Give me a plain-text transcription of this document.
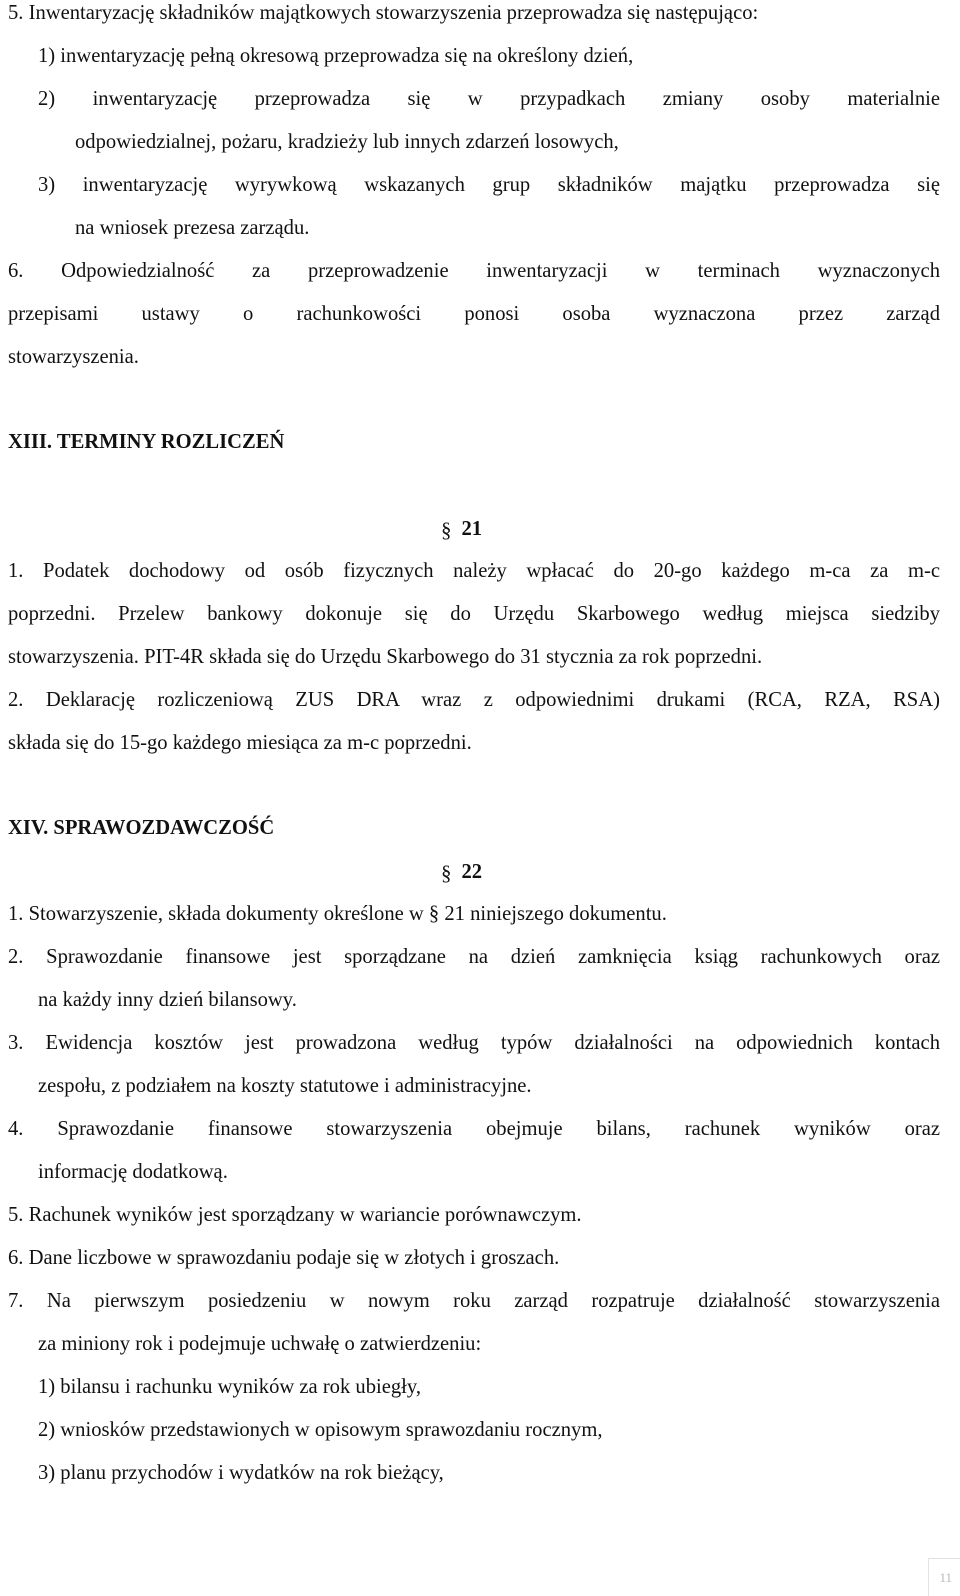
5. Inwentaryzację składników majątkowych stowarzyszenia przeprowadza się następująco:
1) inwentaryzację pełną okresową przeprowadza się na określony dzień,
2) inwentaryzację przeprowadza się w przypadkach zmiany osoby materialnie
odpowiedzialnej, pożaru, kradzieży lub innych zdarzeń losowych,
3) inwentaryzację wyrywkową wskazanych grup składników majątku przeprowadza się
na wniosek prezesa zarządu.
6. Odpowiedzialność za przeprowadzenie inwentaryzacji w terminach wyznaczonych
przepisami ustawy o rachunkowości ponosi osoba wyznaczona przez zarząd
stowarzyszenia.
XIII. TERMINY ROZLICZEŃ
§ 21
1. Podatek dochodowy od osób fizycznych należy wpłacać do 20-go każdego m-ca za m-c
poprzedni. Przelew bankowy dokonuje się do Urzędu Skarbowego według miejsca siedziby
stowarzyszenia. PIT-4R składa się do Urzędu Skarbowego do 31 stycznia za rok poprzedni.
2. Deklarację rozliczeniową ZUS DRA wraz z odpowiednimi drukami (RCA, RZA, RSA)
składa się do 15-go każdego miesiąca za m-c poprzedni.
XIV. SPRAWOZDAWCZOŚĆ
§ 22
1. Stowarzyszenie, składa dokumenty określone w § 21 niniejszego dokumentu.
2. Sprawozdanie finansowe jest sporządzane na dzień zamknięcia ksiąg rachunkowych oraz
na każdy inny dzień bilansowy.
3. Ewidencja kosztów jest prowadzona według typów działalności na odpowiednich kontach
zespołu, z podziałem na koszty statutowe i administracyjne.
4. Sprawozdanie finansowe stowarzyszenia obejmuje bilans, rachunek wyników oraz
informację dodatkową.
5. Rachunek wyników jest sporządzany w wariancie porównawczym.
6. Dane liczbowe w sprawozdaniu podaje się w złotych i groszach.
7. Na pierwszym posiedzeniu w nowym roku zarząd rozpatruje działalność stowarzyszenia
za miniony rok i podejmuje uchwałę o zatwierdzeniu:
1) bilansu i rachunku wyników za rok ubiegły,
2) wniosków przedstawionych w opisowym sprawozdaniu rocznym,
3) planu przychodów i wydatków na rok bieżący,
11
